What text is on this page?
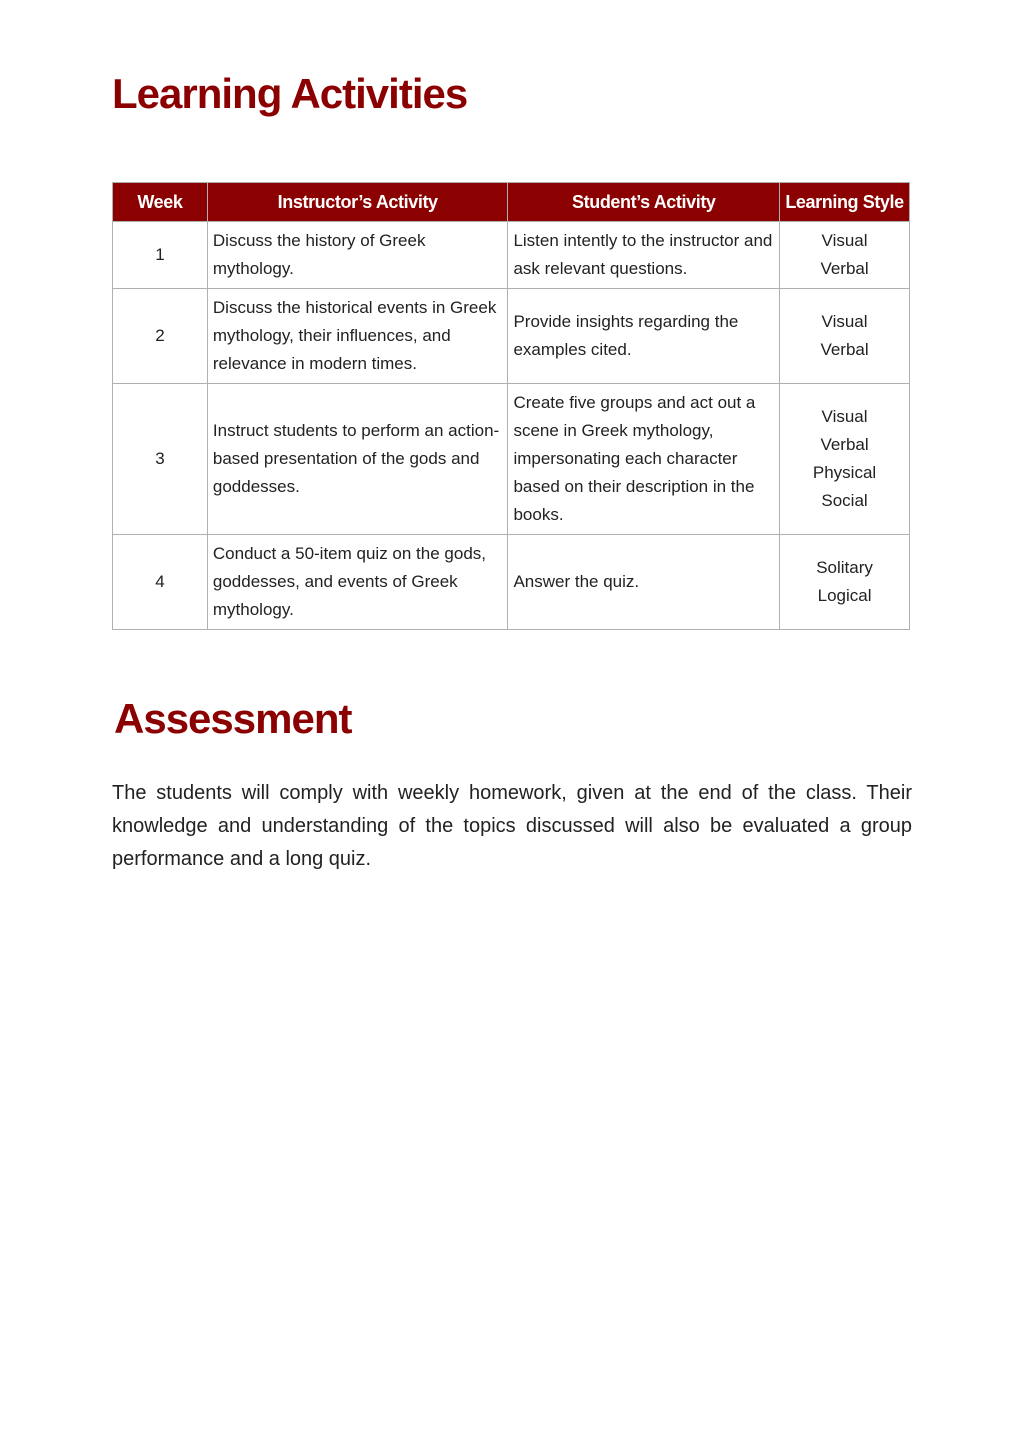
Learning Activities
Week	Instructor’s Activity	Student’s Activity	Learning Style
1	Discuss the history of Greek mythology.	Listen intently to the instructor and ask relevant questions.	Visual
Verbal

2	Discuss the historical events in Greek mythology, their influences, and relevance in modern times.	Provide insights regarding the examples cited.	Visual
Verbal

3	Instruct students to perform an action-based presentation of the gods and goddesses.	Create five groups and act out a scene in Greek mythology, impersonating each character based on their description in the books.	Visual
Verbal
Physical
Social

4	Conduct a 50-item quiz on the gods, goddesses, and events of Greek mythology.	Answer the quiz.	Solitary
Logical
Assessment

The students will comply with weekly homework, given at the end of the class. Their knowledge and understanding of the topics discussed will also be evaluated a group performance and a long quiz.
